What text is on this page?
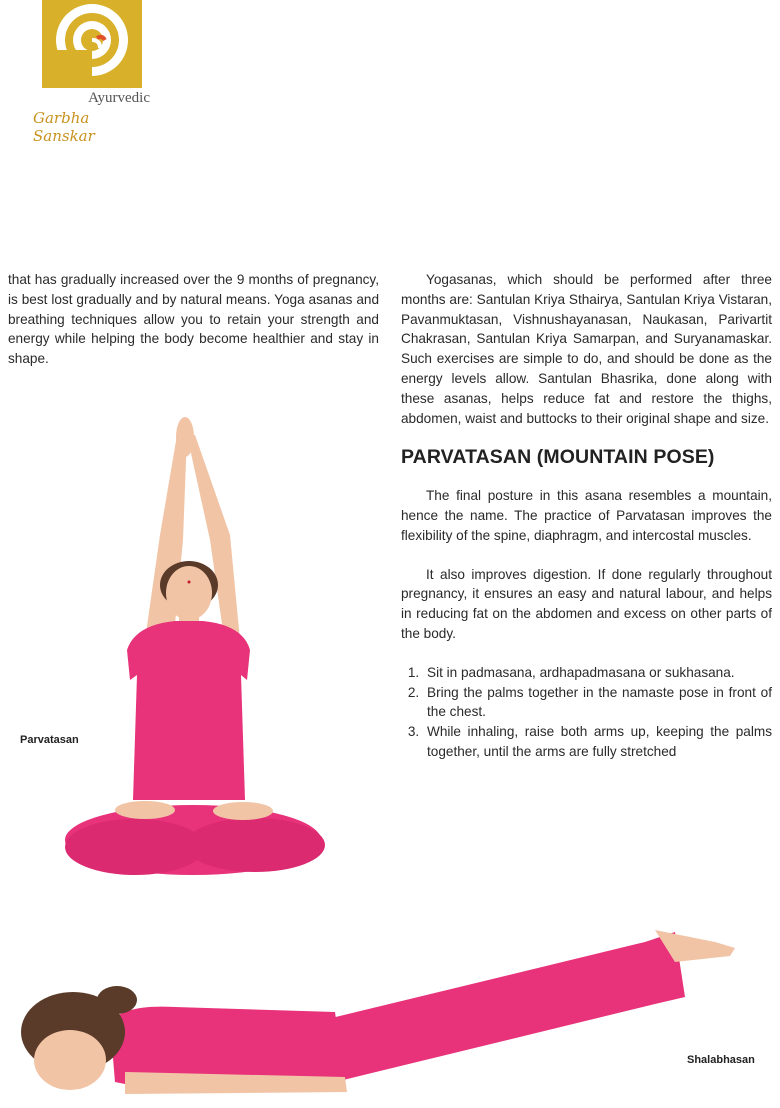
Ayurvedic
Garbha Sanskar

that has gradually increased over the 9 months of pregnancy, is best lost gradually and by natural means. Yoga asanas and breathing techniques allow you to retain your strength and energy while helping the body become healthier and stay in shape.

Yogasanas, which should be performed after three months are: Santulan Kriya Sthairya, Santulan Kriya Vistaran, Pavanmuktasan, Vishnushayanasan, Naukasan, Parivartit Chakrasan, Santulan Kriya Samarpan, and Suryanamaskar. Such exercises are simple to do, and should be done as the energy levels allow. Santulan Bhasrika, done along with these asanas, helps reduce fat and restore the thighs, abdomen, waist and buttocks to their original shape and size.

PARVATASAN (MOUNTAIN POSE)

The final posture in this asana resembles a mountain, hence the name. The practice of Parvatasan improves the flexibility of the spine, diaphragm, and intercostal muscles.

It also improves digestion. If done regularly throughout pregnancy, it ensures an easy and natural labour, and helps in reducing fat on the abdomen and excess on other parts of the body.

1. Sit in padmasana, ardhapadmasana or sukhasana.
2. Bring the palms together in the namaste pose in front of the chest.
3. While inhaling, raise both arms up, keeping the palms together, until the arms are fully stretched
Parvatasan
Shalabhasan
